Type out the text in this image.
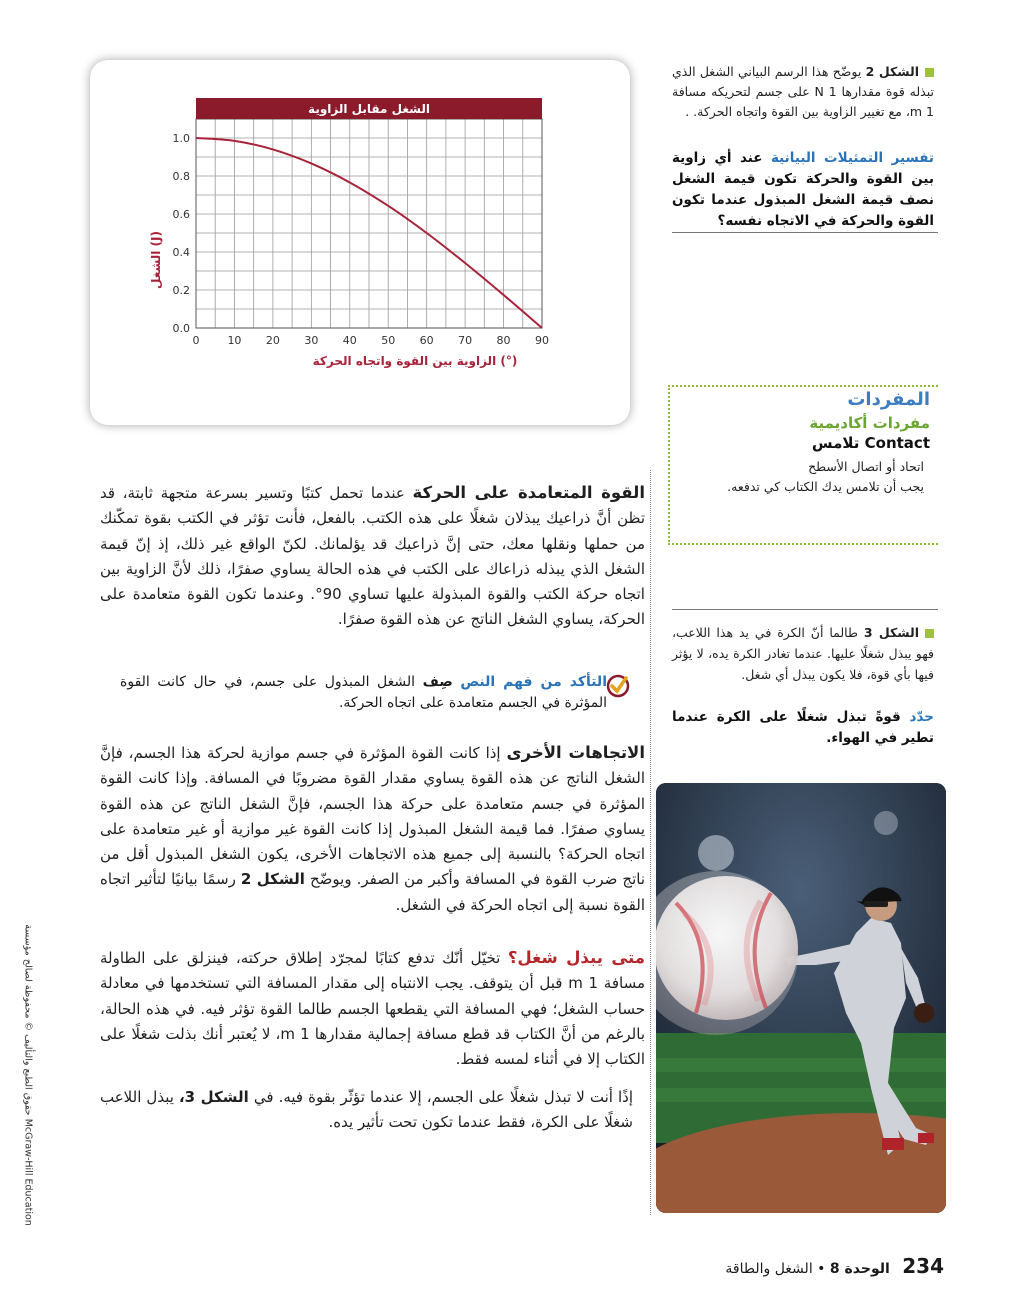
الشغل مقابل الزاوية
0.0
0.2
0.4
0.6
0.8
1.0
0	10 20 30 40 50 60 70 80 90
الشغل (J)
الزاوية بين القوة واتجاه الحركة (°)
الشكل 2 يوضّح هذا الرسم البياني الشغل الذي تبذله قوة مقدارها 1 N على جسم لتحريكه مسافة 1 m، مع تغيير الزاوية بين القوة واتجاه الحركة. .
تفسير التمثيلات البيانية عند أي زاوية بين القوة والحركة تكون قيمة الشغل نصف قيمة الشغل المبذول عندما تكون القوة والحركة في الاتجاه نفسه؟
المفردات
مفردات أكاديمية
تلامس Contact
اتحاد أو اتصال الأسطح
يجب أن تلامس يدك الكتاب كي تدفعه.
الشكل 3 طالما أنّ الكرة في يد هذا اللاعب، فهو يبذل شغلًا عليها. عندما تغادر الكرة يده، لا يؤثر فيها بأي قوة، فلا يكون يبذل أي شغل.
حدّد قوةً تبذل شغلًا على الكرة عندما تطير في الهواء.
القوة المتعامدة على الحركة عندما تحمل كتبًا وتسير بسرعة متجهة ثابتة، قد تظن أنَّ ذراعيك يبذلان شغلًا على هذه الكتب. بالفعل، فأنت تؤثر في الكتب بقوة تمكّنك من حملها ونقلها معك، حتى إنَّ ذراعيك قد يؤلمانك. لكنّ الواقع غير ذلك، إذ إنّ قيمة الشغل الذي يبذله ذراعاك على الكتب في هذه الحالة يساوي صفرًا، ذلك لأنَّ الزاوية بين اتجاه حركة الكتب والقوة المبذولة عليها تساوي 90°. وعندما تكون القوة متعامدة على الحركة، يساوي الشغل الناتج عن هذه القوة صفرًا.
التأكد من فهم النص صِف الشغل المبذول على جسم، في حال كانت القوة المؤثرة في الجسم متعامدة على اتجاه الحركة.
الاتجاهات الأخرى إذا كانت القوة المؤثرة في جسم موازية لحركة هذا الجسم، فإنَّ الشغل الناتج عن هذه القوة يساوي مقدار القوة مضروبًا في المسافة. وإذا كانت القوة المؤثرة في جسم متعامدة على حركة هذا الجسم، فإنَّ الشغل الناتج عن هذه القوة يساوي صفرًا. فما قيمة الشغل المبذول إذا كانت القوة غير موازية أو غير متعامدة على اتجاه الحركة؟ بالنسبة إلى جميع هذه الاتجاهات الأخرى، يكون الشغل المبذول أقل من ناتج ضرب القوة في المسافة وأكبر من الصفر. ويوضّح الشكل 2 رسمًا بيانيًا لتأثير اتجاه القوة نسبة إلى اتجاه الحركة في الشغل.
متى يبذل شغل؟ تخيّل أنّك تدفع كتابًا لمجرّد إطلاق حركته، فينزلق على الطاولة مسافة 1 m قبل أن يتوقف. يجب الانتباه إلى مقدار المسافة التي تستخدمها في معادلة حساب الشغل؛ فهي المسافة التي يقطعها الجسم طالما القوة تؤثر فيه. في هذه الحالة، بالرغم من أنَّ الكتاب قد قطع مسافة إجمالية مقدارها 1 m، لا يُعتبر أنك بذلت شغلًا على الكتاب إلا في أثناء لمسه فقط.
إذًا أنت لا تبذل شغلًا على الجسم، إلا عندما تؤثّر بقوة فيه. في الشكل 3، يبذل اللاعب شغلًا على الكرة، فقط عندما تكون تحت تأثير يده.
حقوق الطبع والتأليف © محفوظة لصالح مؤسسة McGraw-Hill Education
234 الوحدة 8 • الشغل والطاقة
